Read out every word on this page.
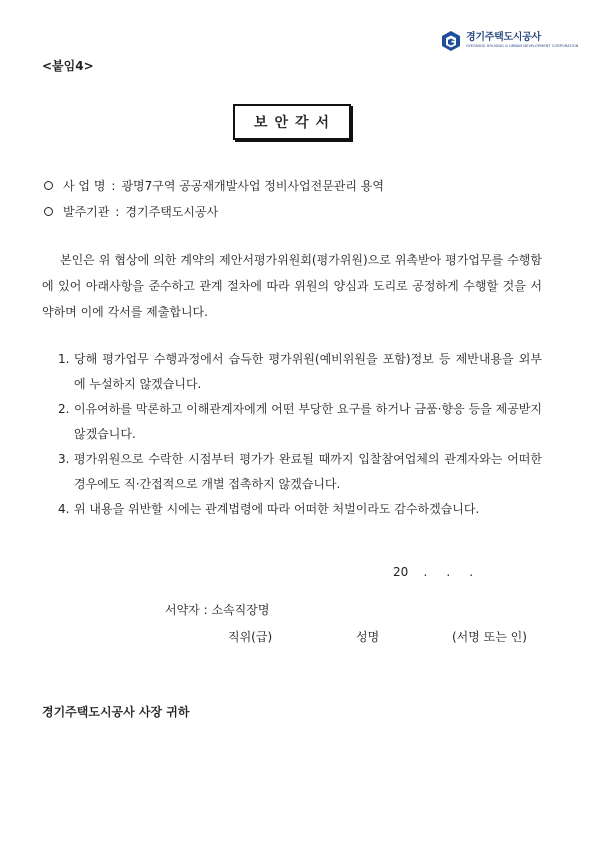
경기주택도시공사
GYEONGGI HOUSING & URBAN DEVELOPMENT CORPORATION
<붙임4>
보안각서
사 업 명 : 광명7구역 공공재개발사업 정비사업전문관리 용역
발주기관 : 경기주택도시공사
본인은 위 협상에 의한 계약의 제안서평가위원회(평가위원)으로 위촉받아 평가업무를 수행함에 있어 아래사항을 준수하고 관계 절차에 따라 위원의 양심과 도리로 공정하게 수행할 것을 서약하며 이에 각서를 제출합니다.
1. 당해 평가업무 수행과정에서 습득한 평가위원(예비위원을 포함)정보 등 제반내용을 외부에 누설하지 않겠습니다.
2. 이유여하를 막론하고 이해관계자에게 어떤 부당한 요구를 하거나 금품·향응 등을 제공받지 않겠습니다.
3. 평가위원으로 수락한 시점부터 평가가 완료될 때까지 입찰참여업체의 관계자와는 어떠한 경우에도 직·간접적으로 개별 접촉하지 않겠습니다.
4. 위 내용을 위반할 시에는 관계법령에 따라 어떠한 처벌이라도 감수하겠습니다.
20    .     .     .
서약자 : 소속직장명
직위(급)	성명	(서명 또는 인)
경기주택도시공사 사장 귀하
